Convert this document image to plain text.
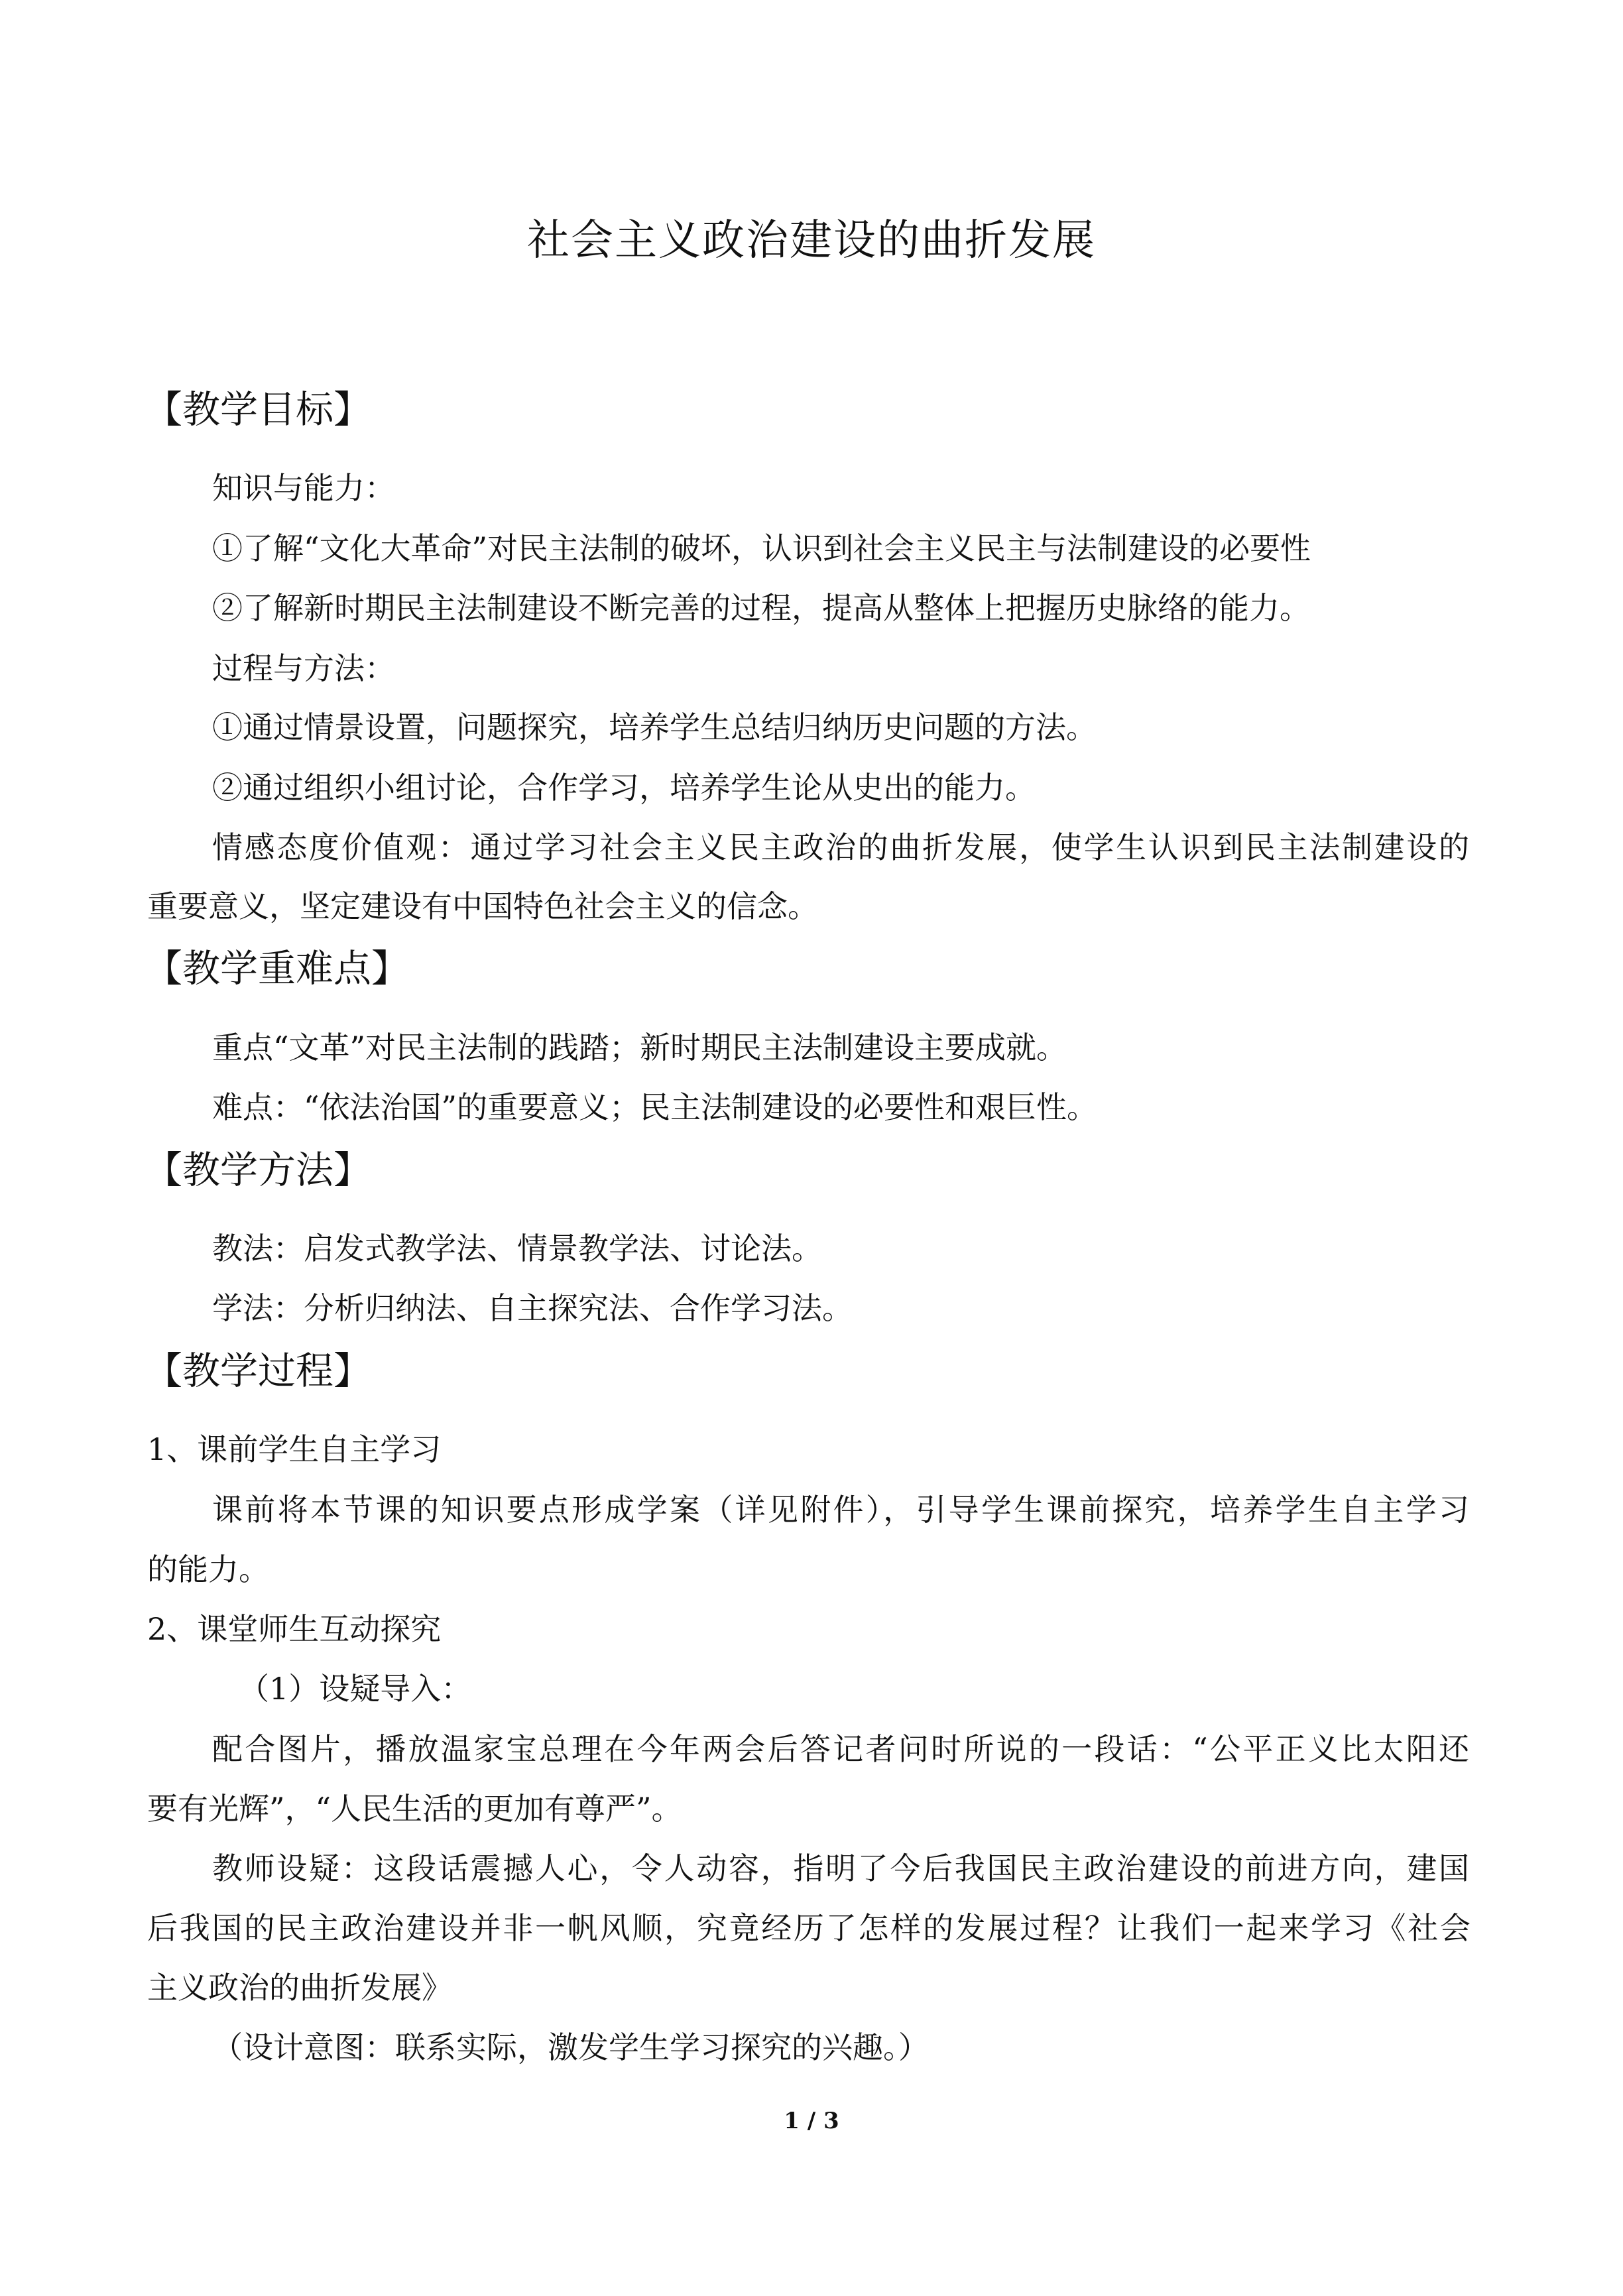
社会主义政治建设的曲折发展
【教学目标】
知识与能力：
①了解“文化大革命”对民主法制的破坏，认识到社会主义民主与法制建设的必要性
②了解新时期民主法制建设不断完善的过程，提高从整体上把握历史脉络的能力。
过程与方法：
①通过情景设置，问题探究，培养学生总结归纳历史问题的方法。
②通过组织小组讨论，合作学习，培养学生论从史出的能力。
情感态度价值观：通过学习社会主义民主政治的曲折发展，使学生认识到民主法制建设的
重要意义，坚定建设有中国特色社会主义的信念。
【教学重难点】
重点“文革”对民主法制的践踏；新时期民主法制建设主要成就。
难点：“依法治国”的重要意义；民主法制建设的必要性和艰巨性。
【教学方法】
教法：启发式教学法、情景教学法、讨论法。
学法：分析归纳法、自主探究法、合作学习法。
【教学过程】
1、课前学生自主学习
课前将本节课的知识要点形成学案（详见附件），引导学生课前探究，培养学生自主学习
的能力。
2、课堂师生互动探究
（1）设疑导入：
配合图片，播放温家宝总理在今年两会后答记者问时所说的一段话：“公平正义比太阳还
要有光辉”，“人民生活的更加有尊严”。
教师设疑：这段话震撼人心，令人动容，指明了今后我国民主政治建设的前进方向，建国
后我国的民主政治建设并非一帆风顺，究竟经历了怎样的发展过程？让我们一起来学习《社会
主义政治的曲折发展》
（设计意图：联系实际，激发学生学习探究的兴趣。）
1 / 3
